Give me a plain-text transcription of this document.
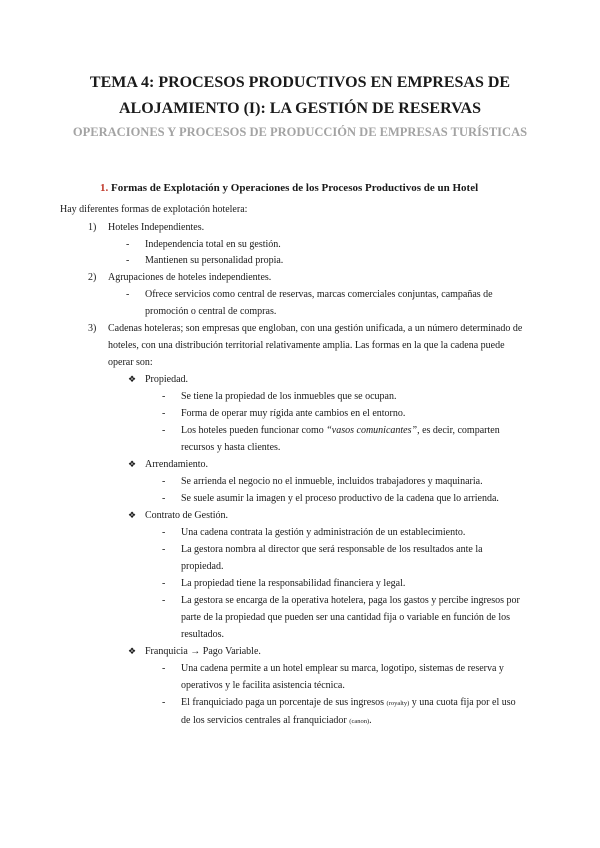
TEMA 4: PROCESOS PRODUCTIVOS EN EMPRESAS DE ALOJAMIENTO (I): LA GESTIÓN DE RESERVAS
OPERACIONES Y PROCESOS DE PRODUCCIÓN DE EMPRESAS TURÍSTICAS
1. Formas de Explotación y Operaciones de los Procesos Productivos de un Hotel
Hay diferentes formas de explotación hotelera:
1) Hoteles Independientes.
- Independencia total en su gestión.
- Mantienen su personalidad propia.
2) Agrupaciones de hoteles independientes.
- Ofrece servicios como central de reservas, marcas comerciales conjuntas, campañas de promoción o central de compras.
3) Cadenas hoteleras; son empresas que engloban, con una gestión unificada, a un número determinado de hoteles, con una distribución territorial relativamente amplia. Las formas en la que la cadena puede operar son:
❖ Propiedad.
- Se tiene la propiedad de los inmuebles que se ocupan.
- Forma de operar muy rígida ante cambios en el entorno.
- Los hoteles pueden funcionar como “vasos comunicantes”, es decir, comparten recursos y hasta clientes.
❖ Arrendamiento.
- Se arrienda el negocio no el inmueble, incluidos trabajadores y maquinaria.
- Se suele asumir la imagen y el proceso productivo de la cadena que lo arrienda.
❖ Contrato de Gestión.
- Una cadena contrata la gestión y administración de un establecimiento.
- La gestora nombra al director que será responsable de los resultados ante la propiedad.
- La propiedad tiene la responsabilidad financiera y legal.
- La gestora se encarga de la operativa hotelera, paga los gastos y percibe ingresos por parte de la propiedad que pueden ser una cantidad fija o variable en función de los resultados.
❖ Franquicia → Pago Variable.
- Una cadena permite a un hotel emplear su marca, logotipo, sistemas de reserva y operativos y le facilita asistencia técnica.
- El franquiciado paga un porcentaje de sus ingresos (royalty) y una cuota fija por el uso de los servicios centrales al franquiciador (canon).
